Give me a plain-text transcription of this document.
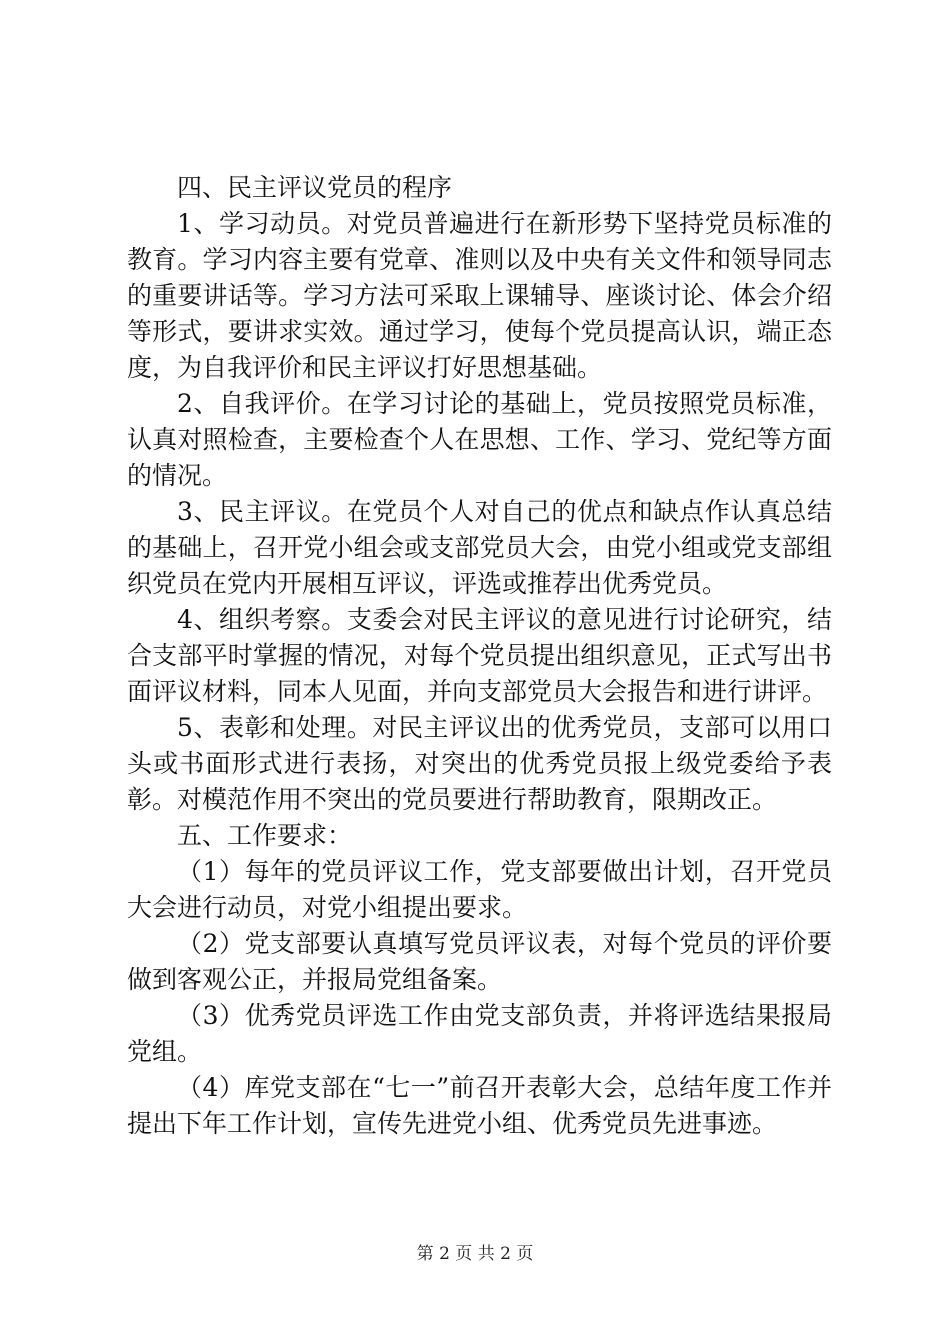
四、民主评议党员的程序

1、学习动员。对党员普遍进行在新形势下坚持党员标准的教育。学习内容主要有党章、准则以及中央有关文件和领导同志的重要讲话等。学习方法可采取上课辅导、座谈讨论、体会介绍等形式，要讲求实效。通过学习，使每个党员提高认识，端正态度，为自我评价和民主评议打好思想基础。

2、自我评价。在学习讨论的基础上，党员按照党员标准，认真对照检查，主要检查个人在思想、工作、学习、党纪等方面的情况。

3、民主评议。在党员个人对自己的优点和缺点作认真总结的基础上，召开党小组会或支部党员大会，由党小组或党支部组织党员在党内开展相互评议，评选或推荐出优秀党员。

4、组织考察。支委会对民主评议的意见进行讨论研究，结合支部平时掌握的情况，对每个党员提出组织意见，正式写出书面评议材料，同本人见面，并向支部党员大会报告和进行讲评。

5、表彰和处理。对民主评议出的优秀党员，支部可以用口头或书面形式进行表扬，对突出的优秀党员报上级党委给予表彰。对模范作用不突出的党员要进行帮助教育，限期改正。

五、工作要求：

（1）每年的党员评议工作，党支部要做出计划，召开党员大会进行动员，对党小组提出要求。

（2）党支部要认真填写党员评议表，对每个党员的评价要做到客观公正，并报局党组备案。

（3）优秀党员评选工作由党支部负责，并将评选结果报局党组。

（4）库党支部在“七一”前召开表彰大会，总结年度工作并提出下年工作计划，宣传先进党小组、优秀党员先进事迹。

第 2 页 共 2 页
